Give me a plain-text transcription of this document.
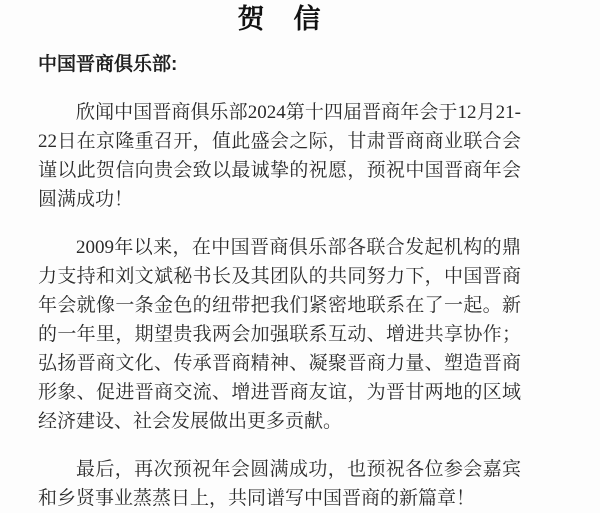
贺　信

中国晋商俱乐部:

欣闻中国晋商俱乐部2024第十四届晋商年会于12月21-22日在京隆重召开，值此盛会之际，甘肃晋商商业联合会谨以此贺信向贵会致以最诚挚的祝愿，预祝中国晋商年会圆满成功！

2009年以来，在中国晋商俱乐部各联合发起机构的鼎力支持和刘文斌秘书长及其团队的共同努力下，中国晋商年会就像一条金色的纽带把我们紧密地联系在了一起。新的一年里，期望贵我两会加强联系互动、增进共享协作；弘扬晋商文化、传承晋商精神、凝聚晋商力量、塑造晋商形象、促进晋商交流、增进晋商友谊，为晋甘两地的区域经济建设、社会发展做出更多贡献。

最后，再次预祝年会圆满成功，也预祝各位参会嘉宾和乡贤事业蒸蒸日上，共同谱写中国晋商的新篇章！
